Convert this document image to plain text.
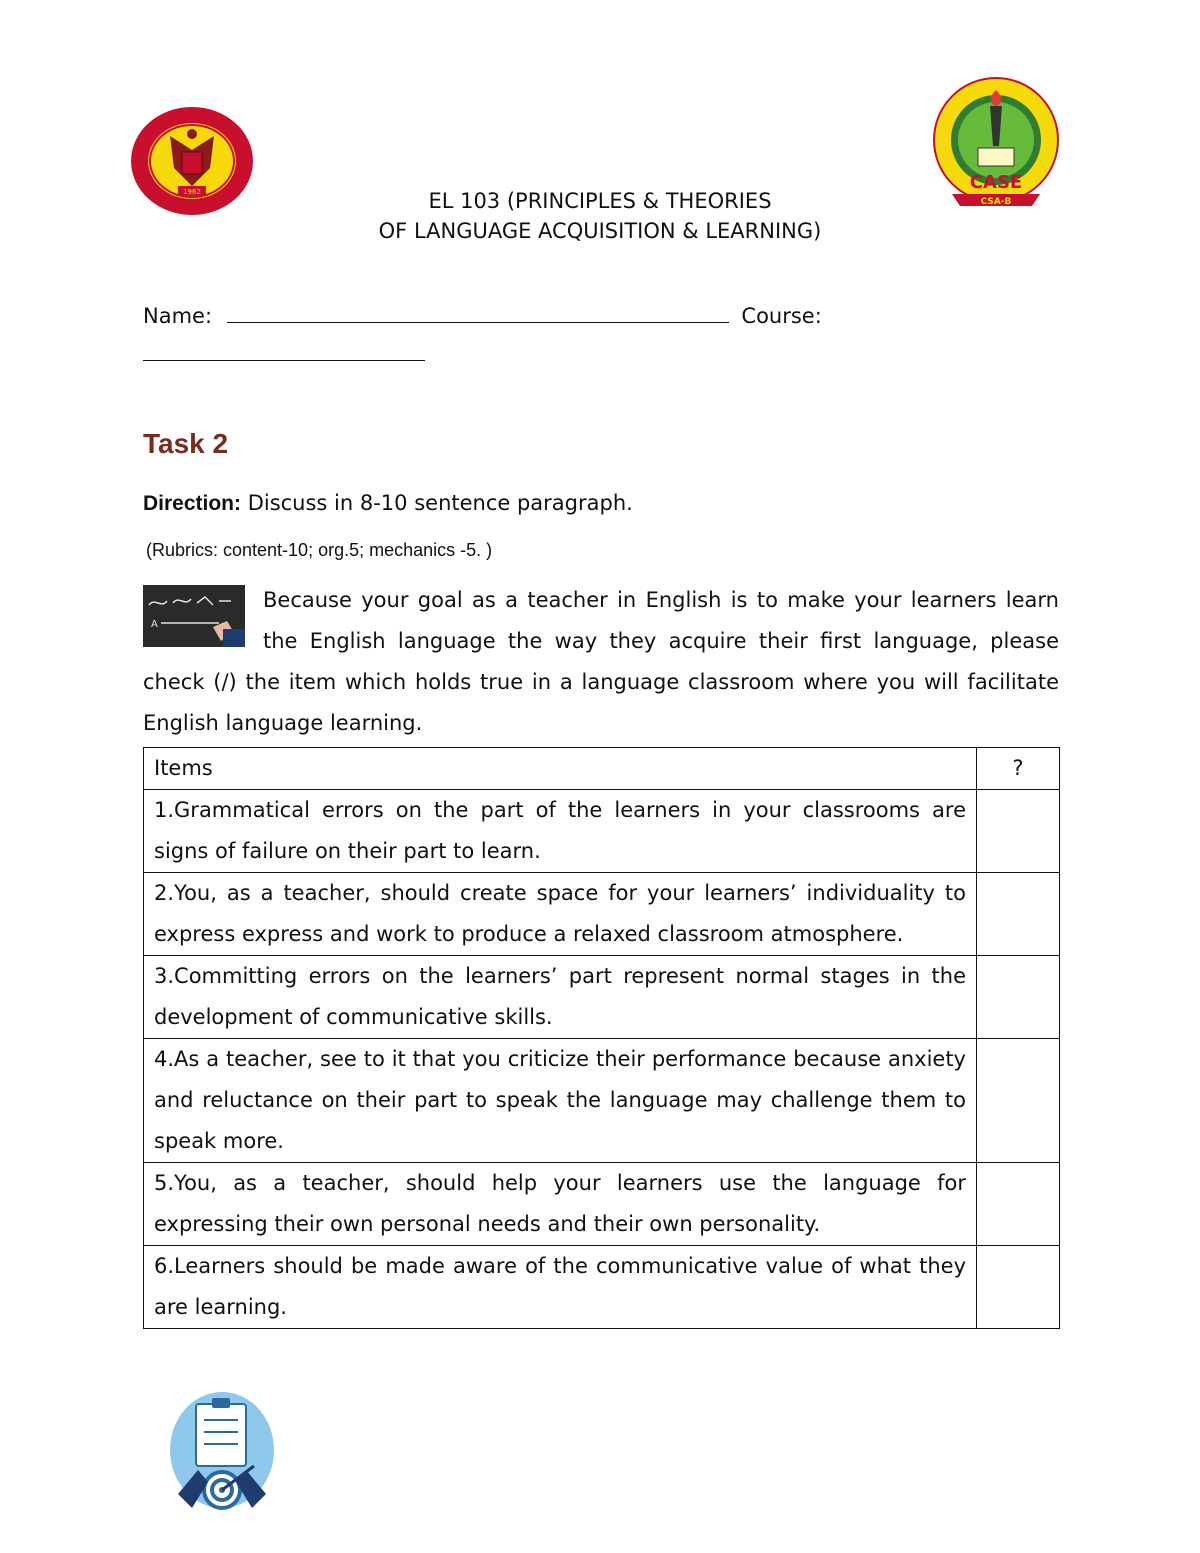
1962	CASE
CSA-B
EL 103 (PRINCIPLES & THEORIES
OF LANGUAGE ACQUISITION & LEARNING)
Name:	Course:
Task 2
Direction: Discuss in 8-10 sentence paragraph.
(Rubrics: content-10; org.5; mechanics -5. )
Because your goal as a teacher in English is to make your learners learn the English language the way they acquire their first language, please check (/) the item which holds true in a language classroom where you will facilitate English language learning.
A
Items	?
1.Grammatical errors on the part of the learners in your classrooms are signs of failure on their part to learn.	
2.You, as a teacher, should create space for your learners’ individuality to express express and work to produce a relaxed classroom atmosphere.	
3.Committing errors on the learners’ part represent normal stages in the development of communicative skills.	
4.As a teacher, see to it that you criticize their performance because anxiety and reluctance on their part to speak the language may challenge them to speak more.	
5.You, as a teacher, should help your learners use the language for expressing their own personal needs and their own personality.	
6.Learners should be made aware of the communicative value of what they are learning.	
